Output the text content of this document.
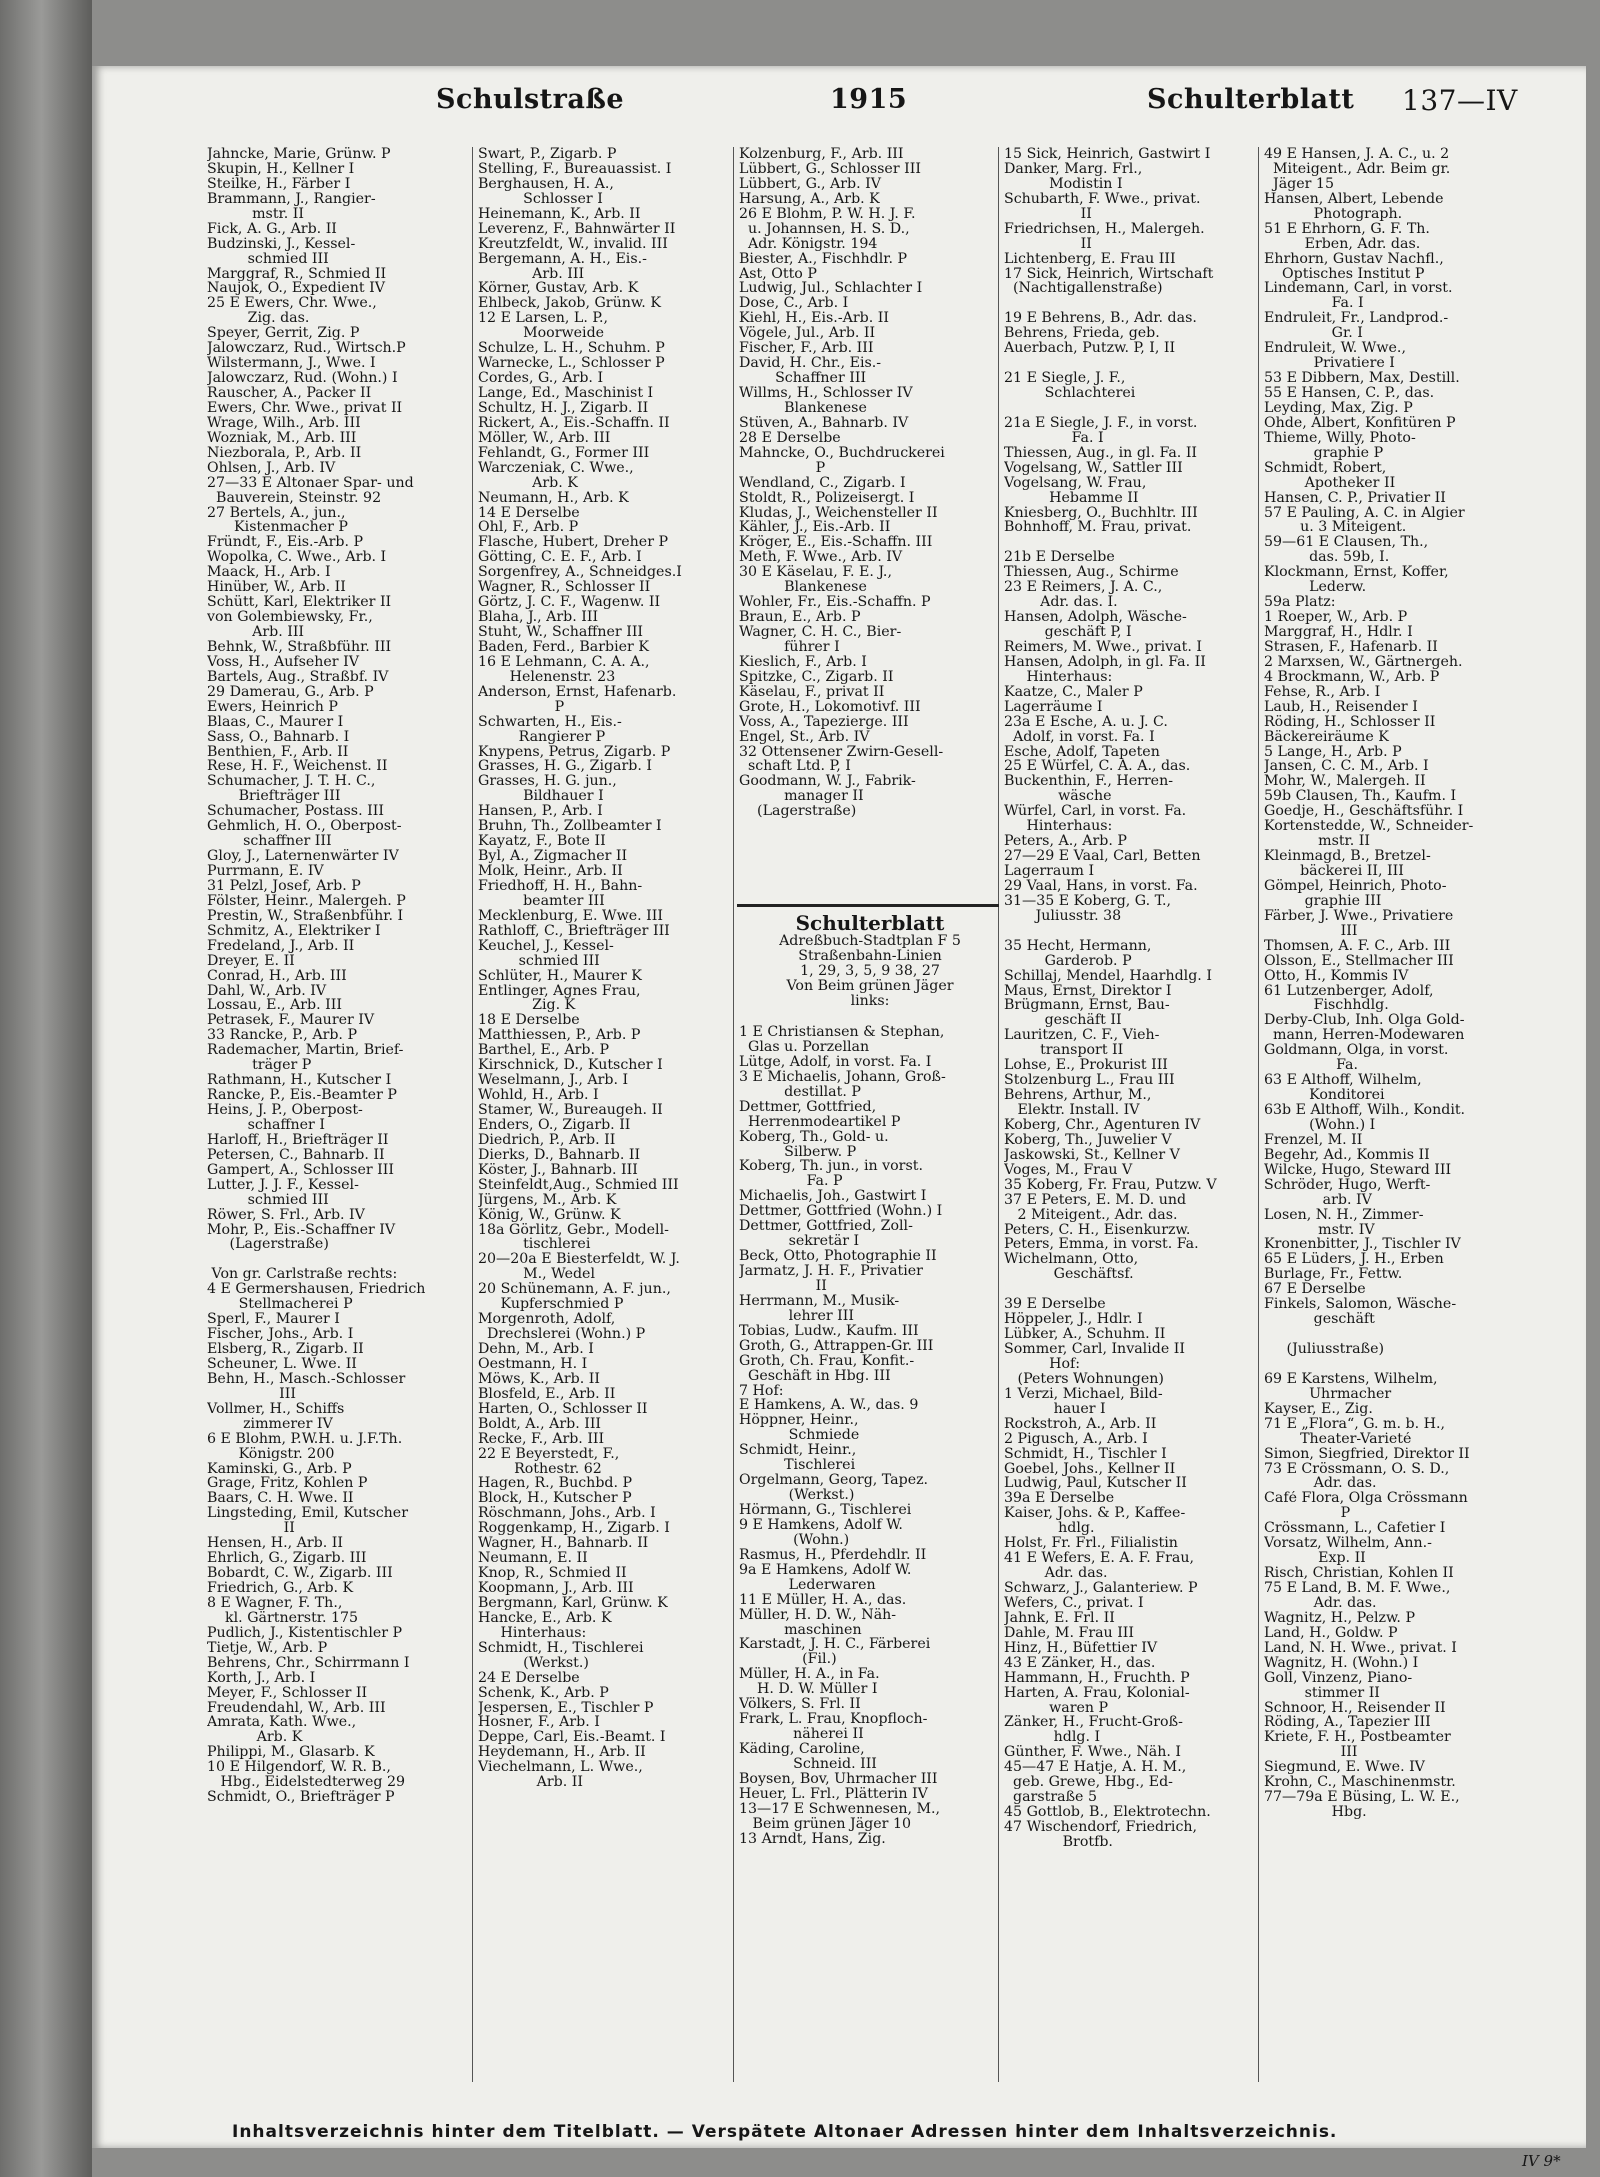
Schulstraße	1915	Schulterblatt 137—IV
Jahncke, Marie, Grünw. P
Skupin, H., Kellner I
Steilke, H., Färber I
Brammann, J., Rangier-
mstr. II
Fick, A. G., Arb. II
Budzinski, J., Kessel-
schmied III
Marggraf, R., Schmied II
Naujok, O., Expedient IV
25 E Ewers, Chr. Wwe.,
Zig. das.
Speyer, Gerrit, Zig. P
Jalowczarz, Rud., Wirtsch.P
Wilstermann, J., Wwe. I
Jalowczarz, Rud. (Wohn.) I
Rauscher, A., Packer II
Ewers, Chr. Wwe., privat II
Wrage, Wilh., Arb. III
Wozniak, M., Arb. III
Niezborala, P., Arb. II
Ohlsen, J., Arb. IV
27—33 E Altonaer Spar- und
Bauverein, Steinstr. 92
27 Bertels, A., jun.,
Kistenmacher P
Fründt, F., Eis.-Arb. P
Wopolka, C. Wwe., Arb. I
Maack, H., Arb. I
Hinüber, W., Arb. II
Schütt, Karl, Elektriker II
von Golembiewsky, Fr.,
Arb. III
Behnk, W., Straßbführ. III
Voss, H., Aufseher IV
Bartels, Aug., Straßbf. IV
29 Damerau, G., Arb. P
Ewers, Heinrich P
Blaas, C., Maurer I
Sass, O., Bahnarb. I
Benthien, F., Arb. II
Rese, H. F., Weichenst. II
Schumacher, J. T. H. C.,
Briefträger III
Schumacher, Postass. III
Gehmlich, H. O., Oberpost-
schaffner III
Gloy, J., Laternenwärter IV
Purrmann, E. IV
31 Pelzl, Josef, Arb. P
Fölster, Heinr., Malergeh. P
Prestin, W., Straßenbführ. I
Schmitz, A., Elektriker I
Fredeland, J., Arb. II
Dreyer, E. II
Conrad, H., Arb. III
Dahl, W., Arb. IV
Lossau, E., Arb. III
Petrasek, F., Maurer IV
33 Rancke, P., Arb. P
Rademacher, Martin, Brief-
träger P
Rathmann, H., Kutscher I
Rancke, P., Eis.-Beamter P
Heins, J. P., Oberpost-
schaffner I
Harloff, H., Briefträger II
Petersen, C., Bahnarb. II
Gampert, A., Schlosser III
Lutter, J. J. F., Kessel-
schmied III
Röwer, S. Frl., Arb. IV
Mohr, P., Eis.-Schaffner IV
(Lagerstraße)
Von gr. Carlstraße rechts:
4 E Germershausen, Friedrich
Stellmacherei P
Sperl, F., Maurer I
Fischer, Johs., Arb. I
Elsberg, R., Zigarb. II
Scheuner, L. Wwe. II
Behn, H., Masch.-Schlosser
III
Vollmer, H., Schiffs
zimmerer IV
6 E Blohm, P.W.H. u. J.F.Th.
Königstr. 200
Kaminski, G., Arb. P
Grage, Fritz, Kohlen P
Baars, C. H. Wwe. II
Lingsteding, Emil, Kutscher
II
Hensen, H., Arb. II
Ehrlich, G., Zigarb. III
Bobardt, C. W., Zigarb. III
Friedrich, G., Arb. K
8 E Wagner, F. Th.,
kl. Gärtnerstr. 175
Pudlich, J., Kistentischler P
Tietje, W., Arb. P
Behrens, Chr., Schirrmann I
Korth, J., Arb. I
Meyer, F., Schlosser II
Freudendahl, W., Arb. III
Amrata, Kath. Wwe.,
Arb. K
Philippi, M., Glasarb. K
10 E Hilgendorf, W. R. B.,
Hbg., Eidelstedterweg 29
Schmidt, O., Briefträger P
Swart, P., Zigarb. P
Stelling, F., Bureauassist. I
Berghausen, H. A.,
Schlosser I
Heinemann, K., Arb. II
Leverenz, F., Bahnwärter II
Kreutzfeldt, W., invalid. III
Bergemann, A. H., Eis.-
Arb. III
Körner, Gustav, Arb. K
Ehlbeck, Jakob, Grünw. K
12 E Larsen, L. P.,
Moorweide
Schulze, L. H., Schuhm. P
Warnecke, L., Schlosser P
Cordes, G., Arb. I
Lange, Ed., Maschinist I
Schultz, H. J., Zigarb. II
Rickert, A., Eis.-Schaffn. II
Möller, W., Arb. III
Fehlandt, G., Former III
Warczeniak, C. Wwe.,
Arb. K
Neumann, H., Arb. K
14 E Derselbe
Ohl, F., Arb. P
Flasche, Hubert, Dreher P
Götting, C. E. F., Arb. I
Sorgenfrey, A., Schneidges.I
Wagner, R., Schlosser II
Görtz, J. C. F., Wagenw. II
Blaha, J., Arb. III
Stuht, W., Schaffner III
Baden, Ferd., Barbier K
16 E Lehmann, C. A. A.,
Helenenstr. 23
Anderson, Ernst, Hafenarb.
P
Schwarten, H., Eis.-
Rangierer P
Knypens, Petrus, Zigarb. P
Grasses, H. G., Zigarb. I
Grasses, H. G. jun.,
Bildhauer I
Hansen, P., Arb. I
Bruhn, Th., Zollbeamter I
Kayatz, F., Bote II
Byl, A., Zigmacher II
Molk, Heinr., Arb. II
Friedhoff, H. H., Bahn-
beamter III
Mecklenburg, E. Wwe. III
Rathloff, C., Briefträger III
Keuchel, J., Kessel-
schmied III
Schlüter, H., Maurer K
Entlinger, Agnes Frau,
Zig. K
18 E Derselbe
Matthiessen, P., Arb. P
Barthel, E., Arb. P
Kirschnick, D., Kutscher I
Weselmann, J., Arb. I
Wohld, H., Arb. I
Stamer, W., Bureaugeh. II
Enders, O., Zigarb. II
Diedrich, P., Arb. II
Dierks, D., Bahnarb. II
Köster, J., Bahnarb. III
Steinfeldt,Aug., Schmied III
Jürgens, M., Arb. K
König, W., Grünw. K
18a Görlitz, Gebr., Modell-
tischlerei
20—20a E Biesterfeldt, W. J.
M., Wedel
20 Schünemann, A. F. jun.,
Kupferschmied P
Morgenroth, Adolf,
Drechslerei (Wohn.) P
Dehn, M., Arb. I
Oestmann, H. I
Möws, K., Arb. II
Blosfeld, E., Arb. II
Harten, O., Schlosser II
Boldt, A., Arb. III
Recke, F., Arb. III
22 E Beyerstedt, F.,
Rothestr. 62
Hagen, R., Buchbd. P
Block, H., Kutscher P
Röschmann, Johs., Arb. I
Roggenkamp, H., Zigarb. I
Wagner, H., Bahnarb. II
Neumann, E. II
Knop, R., Schmied II
Koopmann, J., Arb. III
Bergmann, Karl, Grünw. K
Hancke, E., Arb. K
Hinterhaus:
Schmidt, H., Tischlerei
(Werkst.)
24 E Derselbe
Schenk, K., Arb. P
Jespersen, E., Tischler P
Hosner, F., Arb. I
Deppe, Carl, Eis.-Beamt. I
Heydemann, H., Arb. II
Viechelmann, L. Wwe.,
Arb. II
Kolzenburg, F., Arb. III
Lübbert, G., Schlosser III
Lübbert, G., Arb. IV
Harsung, A., Arb. K
26 E Blohm, P. W. H. J. F.
u. Johannsen, H. S. D.,
Adr. Königstr. 194
Biester, A., Fischhdlr. P
Ast, Otto P
Ludwig, Jul., Schlachter I
Dose, C., Arb. I
Kiehl, H., Eis.-Arb. II
Vögele, Jul., Arb. II
Fischer, F., Arb. III
David, H. Chr., Eis.-
Schaffner III
Willms, H., Schlosser IV
Blankenese
Stüven, A., Bahnarb. IV
28 E Derselbe
Mahncke, O., Buchdruckerei
P
Wendland, C., Zigarb. I
Stoldt, R., Polizeisergt. I
Kludas, J., Weichensteller II
Kähler, J., Eis.-Arb. II
Kröger, E., Eis.-Schaffn. III
Meth, F. Wwe., Arb. IV
30 E Käselau, F. E. J.,
Blankenese
Wohler, Fr., Eis.-Schaffn. P
Braun, E., Arb. P
Wagner, C. H. C., Bier-
führer I
Kieslich, F., Arb. I
Spitzke, C., Zigarb. II
Käselau, F., privat II
Grote, H., Lokomotivf. III
Voss, A., Tapezierge. III
Engel, St., Arb. IV
32 Ottensener Zwirn-Gesell-
schaft Ltd. P, I
Goodmann, W. J., Fabrik-
manager II
(Lagerstraße)
15 Sick, Heinrich, Gastwirt I
Danker, Marg. Frl.,
Modistin I
Schubarth, F. Wwe., privat.
II
Friedrichsen, H., Malergeh.
II
Lichtenberg, E. Frau III
17 Sick, Heinrich, Wirtschaft
(Nachtigallenstraße)
19 E Behrens, B., Adr. das.
Behrens, Frieda, geb.
Auerbach, Putzw. P, I, II
21 E Siegle, J. F.,
Schlachterei
21a E Siegle, J. F., in vorst.
Fa. I
Thiessen, Aug., in gl. Fa. II
Vogelsang, W., Sattler III
Vogelsang, W. Frau,
Hebamme II
Kniesberg, O., Buchhltr. III
Bohnhoff, M. Frau, privat.
21b E Derselbe
Thiessen, Aug., Schirme
23 E Reimers, J. A. C.,
Adr. das. I.
Hansen, Adolph, Wäsche-
geschäft P, I
Reimers, M. Wwe., privat. I
Hansen, Adolph, in gl. Fa. II
Hinterhaus:
Kaatze, C., Maler P
Lagerräume I
23a E Esche, A. u. J. C.
Adolf, in vorst. Fa. I
Esche, Adolf, Tapeten
25 E Würfel, C. A. A., das.
Buckenthin, F., Herren-
wäsche
Würfel, Carl, in vorst. Fa.
Hinterhaus:
Peters, A., Arb. P
27—29 E Vaal, Carl, Betten
Lagerraum I
29 Vaal, Hans, in vorst. Fa.
31—35 E Koberg, G. T.,
Juliusstr. 38
35 Hecht, Hermann,
Garderob. P
Schillaj, Mendel, Haarhdlg. I
Maus, Ernst, Direktor I
Brügmann, Ernst, Bau-
geschäft II
Lauritzen, C. F., Vieh-
transport II
Lohse, E., Prokurist III
Stolzenburg L., Frau III
Behrens, Arthur, M.,
Elektr. Install. IV
Koberg, Chr., Agenturen IV
Koberg, Th., Juwelier V
Jaskowski, St., Kellner V
Voges, M., Frau V
35 Koberg, Fr. Frau, Putzw. V
37 E Peters, E. M. D. und
2 Miteigent., Adr. das.
Peters, C. H., Eisenkurzw.
Peters, Emma, in vorst. Fa.
Wichelmann, Otto,
Geschäftsf.
39 E Derselbe
Höppeler, J., Hdlr. I
Lübker, A., Schuhm. II
Sommer, Carl, Invalide II
Hof:
(Peters Wohnungen)
1 Verzi, Michael, Bild-
hauer I
Rockstroh, A., Arb. II
2 Pigusch, A., Arb. I
Schmidt, H., Tischler I
Goebel, Johs., Kellner II
Ludwig, Paul, Kutscher II
39a E Derselbe
Kaiser, Johs. & P., Kaffee-
hdlg.
Holst, Fr. Frl., Filialistin
41 E Wefers, E. A. F. Frau,
Adr. das.
Schwarz, J., Galanteriew. P
Wefers, C., privat. I
Jahnk, E. Frl. II
Dahle, M. Frau III
Hinz, H., Büfettier IV
43 E Zänker, H., das.
Hammann, H., Fruchth. P
Harten, A. Frau, Kolonial-
waren P
Zänker, H., Frucht-Groß-
hdlg. I
Günther, F. Wwe., Näh. I
45—47 E Hatje, A. H. M.,
geb. Grewe, Hbg., Ed-
garstraße 5
45 Gottlob, B., Elektrotechn.
47 Wischendorf, Friedrich,
Brotfb.
49 E Hansen, J. A. C., u. 2
Miteigent., Adr. Beim gr.
Jäger 15
Hansen, Albert, Lebende
Photograph.
51 E Ehrhorn, G. F. Th.
Erben, Adr. das.
Ehrhorn, Gustav Nachfl.,
Optisches Institut P
Lindemann, Carl, in vorst.
Fa. I
Endruleit, Fr., Landprod.-
Gr. I
Endruleit, W. Wwe.,
Privatiere I
53 E Dibbern, Max, Destill.
55 E Hansen, C. P., das.
Leyding, Max, Zig. P
Ohde, Albert, Konfitüren P
Thieme, Willy, Photo-
graphie P
Schmidt, Robert,
Apotheker II
Hansen, C. P., Privatier II
57 E Pauling, A. C. in Algier
u. 3 Miteigent.
59—61 E Clausen, Th.,
das. 59b, I.
Klockmann, Ernst, Koffer,
Lederw.
59a Platz:
1 Roeper, W., Arb. P
Marggraf, H., Hdlr. I
Strasen, F., Hafenarb. II
2 Marxsen, W., Gärtnergeh.
4 Brockmann, W., Arb. P
Fehse, R., Arb. I
Laub, H., Reisender I
Röding, H., Schlosser II
Bäckereiräume K
5 Lange, H., Arb. P
Jansen, C. C. M., Arb. I
Mohr, W., Malergeh. II
59b Clausen, Th., Kaufm. I
Goedje, H., Geschäftsführ. I
Kortenstedde, W., Schneider-
mstr. II
Kleinmagd, B., Bretzel-
bäckerei II, III
Gömpel, Heinrich, Photo-
graphie III
Färber, J. Wwe., Privatiere
III
Thomsen, A. F. C., Arb. III
Olsson, E., Stellmacher III
Otto, H., Kommis IV
61 Lutzenberger, Adolf,
Fischhdlg.
Derby-Club, Inh. Olga Gold-
mann, Herren-Modewaren
Goldmann, Olga, in vorst.
Fa.
63 E Althoff, Wilhelm,
Konditorei
63b E Althoff, Wilh., Kondit.
(Wohn.) I
Frenzel, M. II
Begehr, Ad., Kommis II
Wilcke, Hugo, Steward III
Schröder, Hugo, Werft-
arb. IV
Losen, N. H., Zimmer-
mstr. IV
Kronenbitter, J., Tischler IV
65 E Lüders, J. H., Erben
Burlage, Fr., Fettw.
67 E Derselbe
Finkels, Salomon, Wäsche-
geschäft
(Juliusstraße)
69 E Karstens, Wilhelm,
Uhrmacher
Kayser, E., Zig.
71 E „Flora“, G. m. b. H.,
Theater-Varieté
Simon, Siegfried, Direktor II
73 E Crössmann, O. S. D.,
Adr. das.
Café Flora, Olga Crössmann
P
Crössmann, L., Cafetier I
Vorsatz, Wilhelm, Ann.-
Exp. II
Risch, Christian, Kohlen II
75 E Land, B. M. F. Wwe.,
Adr. das.
Wagnitz, H., Pelzw. P
Land, H., Goldw. P
Land, N. H. Wwe., privat. I
Wagnitz, H. (Wohn.) I
Goll, Vinzenz, Piano-
stimmer II
Schnoor, H., Reisender II
Röding, A., Tapezier III
Kriete, F. H., Postbeamter
III
Siegmund, E. Wwe. IV
Krohn, C., Maschinenmstr.
77—79a E Büsing, L. W. E.,
Hbg.
Schulterblatt
Adreßbuch-Stadtplan F 5
Straßenbahn-Linien
1, 29, 3, 5, 9 38, 27
Von Beim grünen Jäger
links:
1 E Christiansen & Stephan,
Glas u. Porzellan
Lütge, Adolf, in vorst. Fa. I
3 E Michaelis, Johann, Groß-
destillat. P
Dettmer, Gottfried,
Herrenmodeartikel P
Koberg, Th., Gold- u.
Silberw. P
Koberg, Th. jun., in vorst.
Fa. P
Michaelis, Joh., Gastwirt I
Dettmer, Gottfried (Wohn.) I
Dettmer, Gottfried, Zoll-
sekretär I
Beck, Otto, Photographie II
Jarmatz, J. H. F., Privatier
II
Herrmann, M., Musik-
lehrer III
Tobias, Ludw., Kaufm. III
Groth, G., Attrappen-Gr. III
Groth, Ch. Frau, Konfit.-
Geschäft in Hbg. III
7 Hof:
E Hamkens, A. W., das. 9
Höppner, Heinr.,
Schmiede
Schmidt, Heinr.,
Tischlerei
Orgelmann, Georg, Tapez.
(Werkst.)
Hörmann, G., Tischlerei
9 E Hamkens, Adolf W.
(Wohn.)
Rasmus, H., Pferdehdlr. II
9a E Hamkens, Adolf W.
Lederwaren
11 E Müller, H. A., das.
Müller, H. D. W., Näh-
maschinen
Karstadt, J. H. C., Färberei
(Fil.)
Müller, H. A., in Fa.
H. D. W. Müller I
Völkers, S. Frl. II
Frark, L. Frau, Knopfloch-
näherei II
Käding, Caroline,
Schneid. III
Boysen, Bov, Uhrmacher III
Heuer, L. Frl., Plätterin IV
13—17 E Schwennesen, M.,
Beim grünen Jäger 10
13 Arndt, Hans, Zig.
Inhaltsverzeichnis hinter dem Titelblatt. — Verspätete Altonaer Adressen hinter dem Inhaltsverzeichnis.
IV 9*
